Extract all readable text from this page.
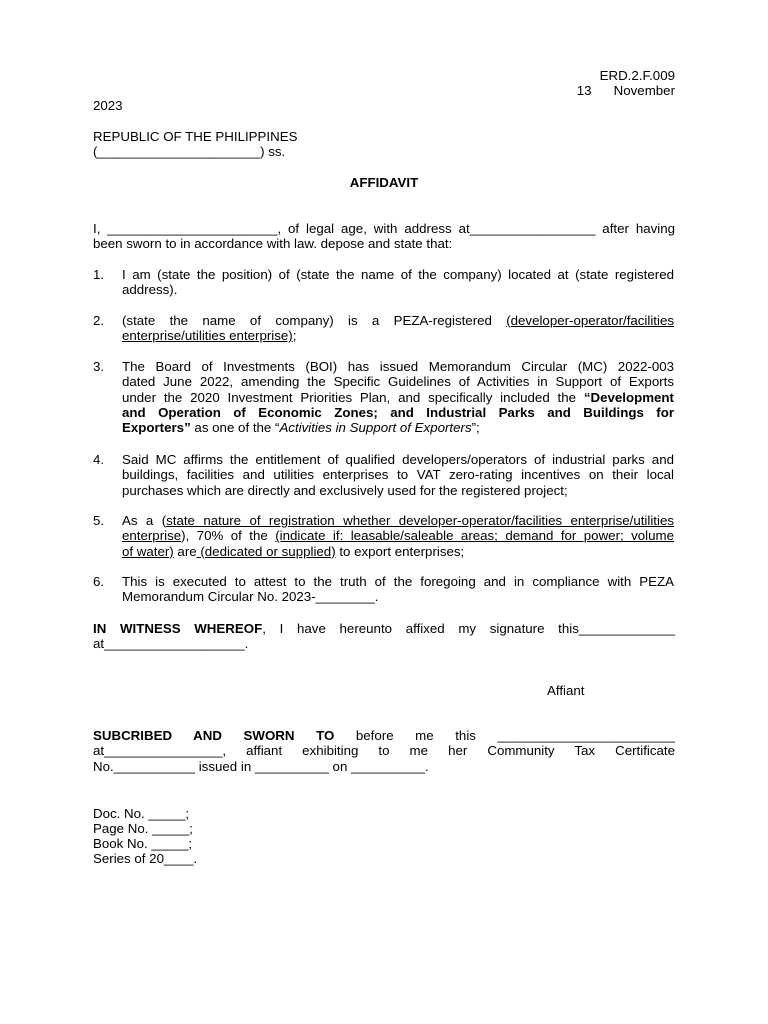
ERD.2.F.009
13      November
2023
REPUBLIC OF THE PHILIPPINES
(______________________) ss.
AFFIDAVIT
I, _______________________, of legal age, with address at_________________ after having
been sworn to in accordance with law. depose and state that:
1.	I am (state the position) of (state the name of the company) located at (state registered
address).
2.	(state the name of company) is a PEZA-registered (developer-operator/facilities
enterprise/utilities enterprise);
3.	The Board of Investments (BOI) has issued Memorandum Circular (MC) 2022-003
dated June 2022, amending the Specific Guidelines of Activities in Support of Exports
under the 2020 Investment Priorities Plan, and specifically included the “Development
and Operation of Economic Zones; and Industrial Parks and Buildings for
Exporters” as one of the “Activities in Support of Exporters”;
4.	Said MC affirms the entitlement of qualified developers/operators of industrial parks and
buildings, facilities and utilities enterprises to VAT zero-rating incentives on their local
purchases which are directly and exclusively used for the registered project;
5.	As a (state nature of registration whether developer-operator/facilities enterprise/utilities
enterprise), 70% of the (indicate if: leasable/saleable areas; demand for power; volume
of water) are (dedicated or supplied) to export enterprises;
6.	This is executed to attest to the truth of the foregoing and in compliance with PEZA
Memorandum Circular No. 2023-________.
IN WITNESS WHEREOF, I have hereunto affixed my signature this_____________
at___________________.
Affiant
SUBCRIBED AND SWORN TO before me this ________________________
at________________, affiant exhibiting to me her Community Tax Certificate
No.___________ issued in __________ on __________.
Doc. No. _____;
Page No. _____;
Book No. _____;
Series of 20____.
